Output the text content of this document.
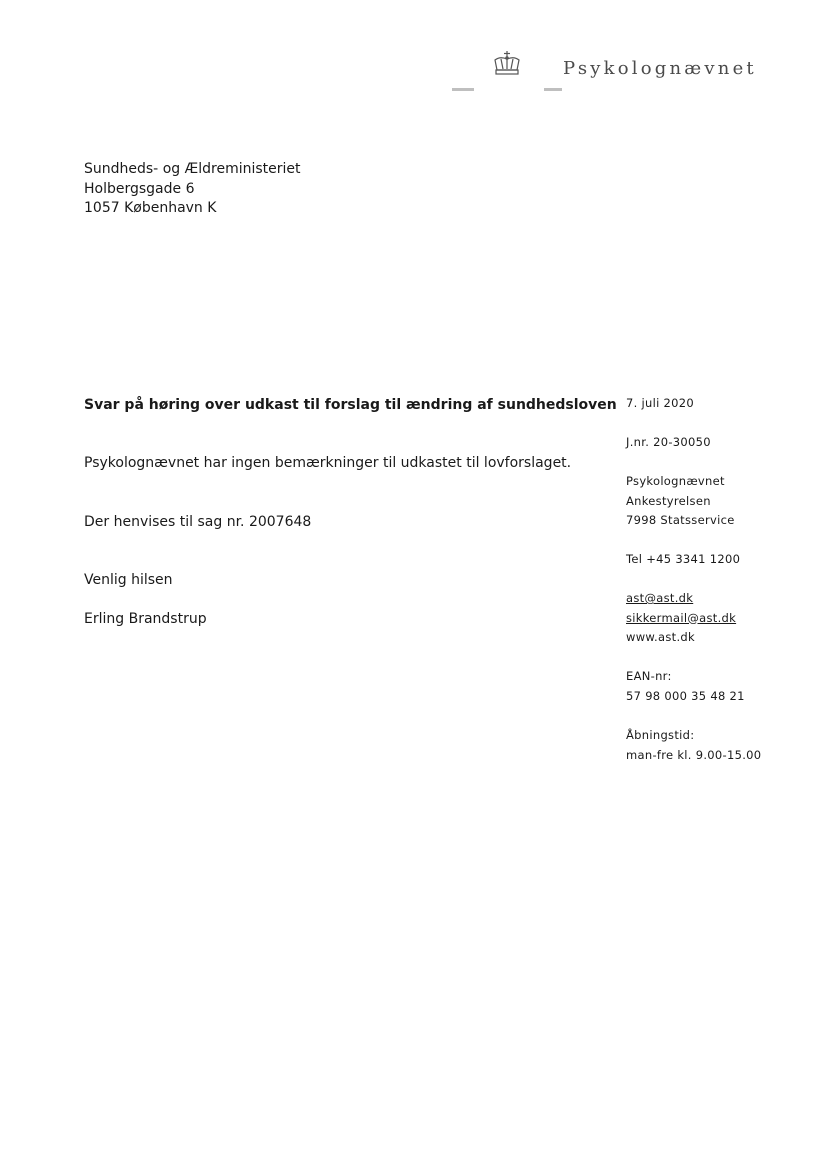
Psykolognævnet
Sundheds- og Ældreministeriet
Holbergsgade 6
1057 København K
Svar på høring over udkast til forslag til ændring af sundhedsloven
Psykolognævnet har ingen bemærkninger til udkastet til lovforslaget.
Der henvises til sag nr. 2007648
Venlig hilsen
Erling Brandstrup
7. juli 2020
J.nr. 20-30050
Psykolognævnet
Ankestyrelsen
7998 Statsservice
Tel +45 3341 1200
ast@ast.dk
sikkermail@ast.dk
www.ast.dk
EAN-nr:
57 98 000 35 48 21
Åbningstid:
man-fre kl. 9.00-15.00
